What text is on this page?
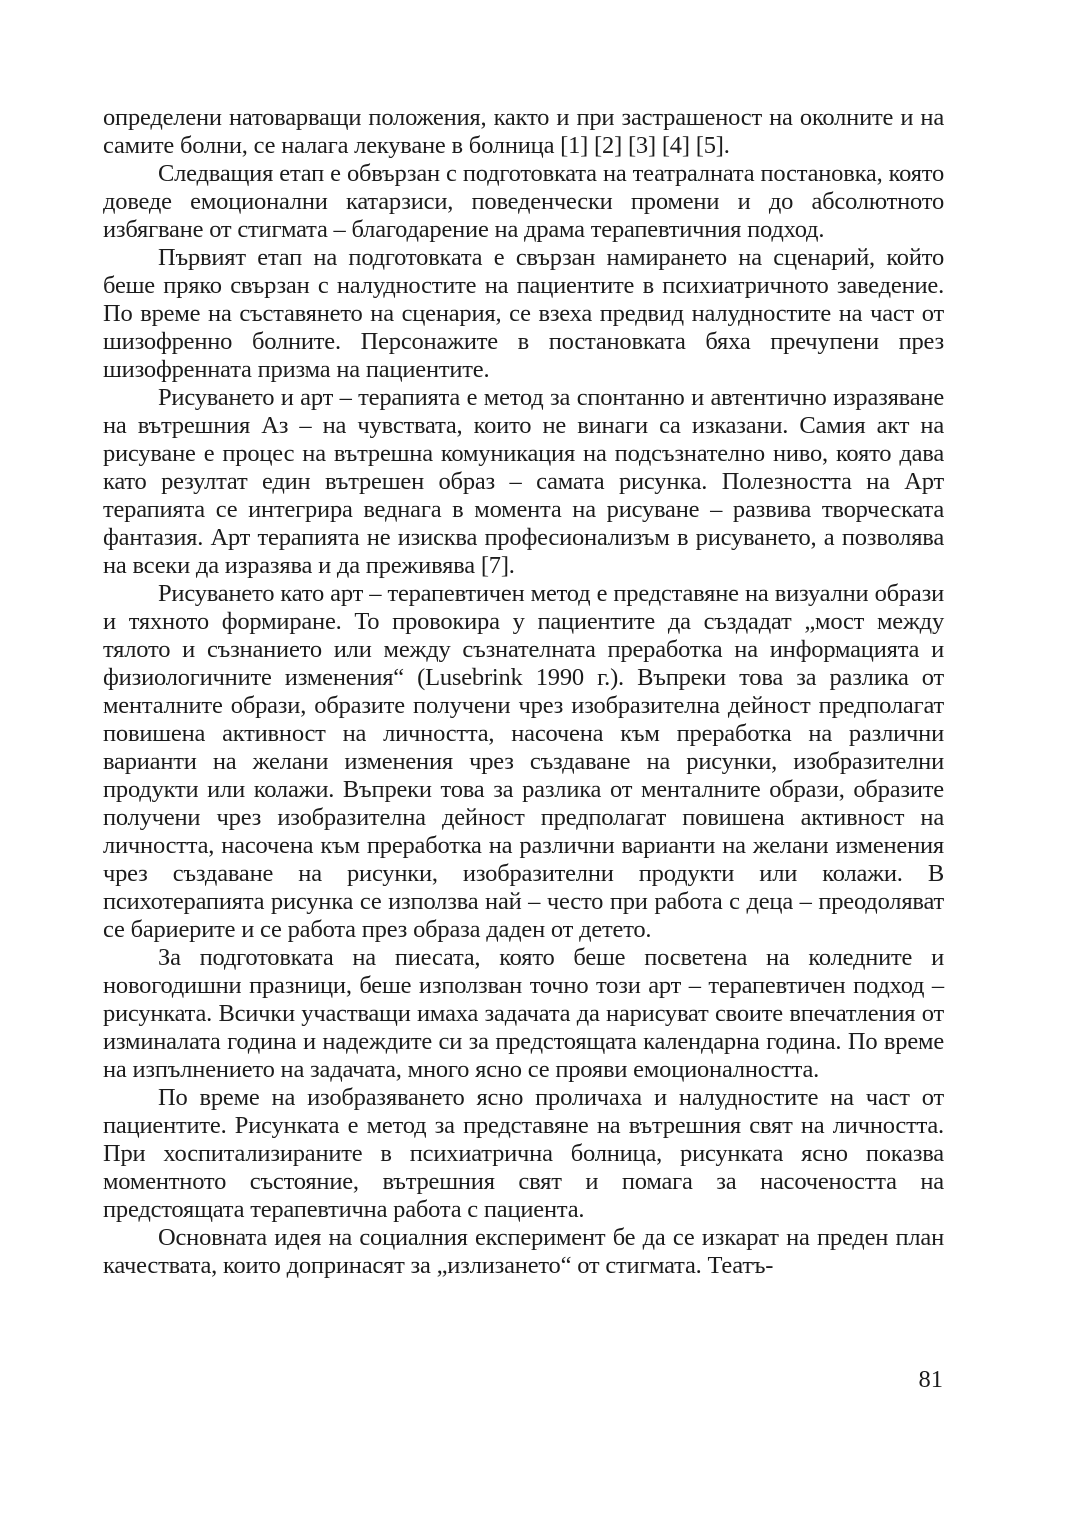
определени натоварващи положения, както и при застрашеност на околните и на самите болни, се налага лекуване в болница [1] [2] [3] [4] [5].

Следващия етап е обвързан с подготовката на театралната постановка, която доведе емоционални катарзиси, поведенчески промени и до абсолютното избягване от стигмата – благодарение на драма терапевтичния подход.

Първият етап на подготовката е свързан намирането на сценарий, който беше пряко свързан с налудностите на пациентите в психиатричното заведение. По време на съставянето на сценария, се взеха предвид налудностите на част от шизофренно болните. Персонажите в постановката бяха пречупени през шизофренната призма на пациентите.

Рисуването и арт – терапията е метод за спонтанно и автентично изразяване на вътрешния Аз – на чувствата, които не винаги са изказани. Самия акт на рисуване е процес на вътрешна комуникация на подсъзнателно ниво, която дава като резултат един вътрешен образ – самата рисунка. Полезността на Арт терапията се интегрира веднага в момента на рисуване – развива творческата фантазия. Арт терапията не изисква професионализъм в рисуването, а позволява на всеки да изразява и да преживява [7].

Рисуването като арт – терапевтичен метод е представяне на визуални образи и тяхното формиране. То провокира у пациентите да създадат „мост между тялото и съзнанието или между съзнателната преработка на информацията и физиологичните изменения“ (Lusebrink 1990 г.). Въпреки това за разлика от менталните образи, образите получени чрез изобразителна дейност предполагат повишена активност на личността, насочена към преработка на различни варианти на желани изменения чрез създаване на рисунки, изобразителни продукти или колажи. Въпреки това за разлика от менталните образи, образите получени чрез изобразителна дейност предполагат повишена активност на личността, насочена към преработка на различни варианти на желани изменения чрез създаване на рисунки, изобразителни продукти или колажи. В психотерапията рисунка се използва най – често при работа с деца – преодоляват се бариерите и се работа през образа даден от детето.

За подготовката на пиесата, която беше посветена на коледните и новогодишни празници, беше използван точно този арт – терапевтичен подход – рисунката. Всички участващи имаха задачата да нарисуват своите впечатления от изминалата година и надеждите си за предстоящата календарна година. По време на изпълнението на задачата, много ясно се прояви емоционалността.

По време на изобразяването ясно проличаха и налудностите на част от пациентите. Рисунката е метод за представяне на вътрешния свят на личността. При хоспитализираните в психиатрична болница, рисунката ясно показва моментното състояние, вътрешния свят и помага за насочеността на предстоящата терапевтична работа с пациента.

Основната идея на социалния експеримент бе да се изкарат на преден план качествата, които допринасят за „излизането“ от стигмата. Театъ-

81
